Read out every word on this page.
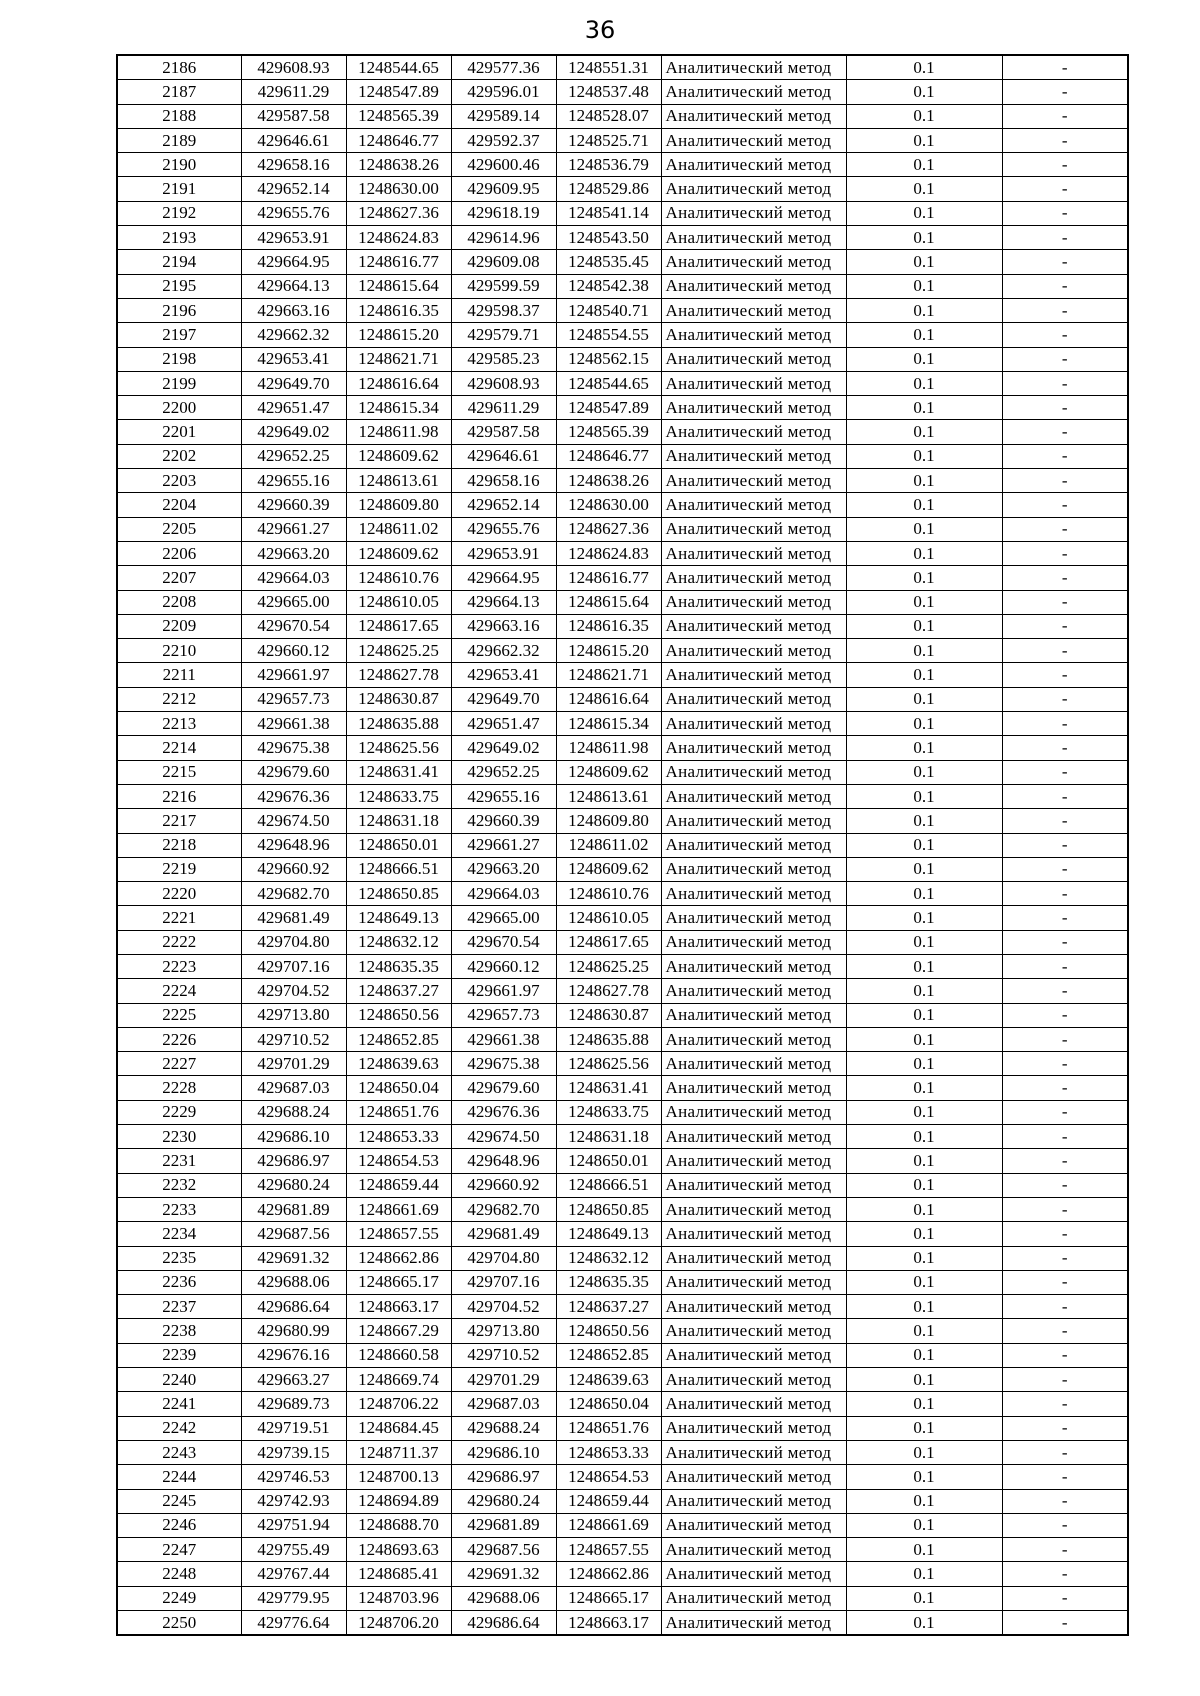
36
2186	429608.93	1248544.65	429577.36	1248551.31	Аналитический метод	0.1	-
2187	429611.29	1248547.89	429596.01	1248537.48	Аналитический метод	0.1	-
2188	429587.58	1248565.39	429589.14	1248528.07	Аналитический метод	0.1	-
2189	429646.61	1248646.77	429592.37	1248525.71	Аналитический метод	0.1	-
2190	429658.16	1248638.26	429600.46	1248536.79	Аналитический метод	0.1	-
2191	429652.14	1248630.00	429609.95	1248529.86	Аналитический метод	0.1	-
2192	429655.76	1248627.36	429618.19	1248541.14	Аналитический метод	0.1	-
2193	429653.91	1248624.83	429614.96	1248543.50	Аналитический метод	0.1	-
2194	429664.95	1248616.77	429609.08	1248535.45	Аналитический метод	0.1	-
2195	429664.13	1248615.64	429599.59	1248542.38	Аналитический метод	0.1	-
2196	429663.16	1248616.35	429598.37	1248540.71	Аналитический метод	0.1	-
2197	429662.32	1248615.20	429579.71	1248554.55	Аналитический метод	0.1	-
2198	429653.41	1248621.71	429585.23	1248562.15	Аналитический метод	0.1	-
2199	429649.70	1248616.64	429608.93	1248544.65	Аналитический метод	0.1	-
2200	429651.47	1248615.34	429611.29	1248547.89	Аналитический метод	0.1	-
2201	429649.02	1248611.98	429587.58	1248565.39	Аналитический метод	0.1	-
2202	429652.25	1248609.62	429646.61	1248646.77	Аналитический метод	0.1	-
2203	429655.16	1248613.61	429658.16	1248638.26	Аналитический метод	0.1	-
2204	429660.39	1248609.80	429652.14	1248630.00	Аналитический метод	0.1	-
2205	429661.27	1248611.02	429655.76	1248627.36	Аналитический метод	0.1	-
2206	429663.20	1248609.62	429653.91	1248624.83	Аналитический метод	0.1	-
2207	429664.03	1248610.76	429664.95	1248616.77	Аналитический метод	0.1	-
2208	429665.00	1248610.05	429664.13	1248615.64	Аналитический метод	0.1	-
2209	429670.54	1248617.65	429663.16	1248616.35	Аналитический метод	0.1	-
2210	429660.12	1248625.25	429662.32	1248615.20	Аналитический метод	0.1	-
2211	429661.97	1248627.78	429653.41	1248621.71	Аналитический метод	0.1	-
2212	429657.73	1248630.87	429649.70	1248616.64	Аналитический метод	0.1	-
2213	429661.38	1248635.88	429651.47	1248615.34	Аналитический метод	0.1	-
2214	429675.38	1248625.56	429649.02	1248611.98	Аналитический метод	0.1	-
2215	429679.60	1248631.41	429652.25	1248609.62	Аналитический метод	0.1	-
2216	429676.36	1248633.75	429655.16	1248613.61	Аналитический метод	0.1	-
2217	429674.50	1248631.18	429660.39	1248609.80	Аналитический метод	0.1	-
2218	429648.96	1248650.01	429661.27	1248611.02	Аналитический метод	0.1	-
2219	429660.92	1248666.51	429663.20	1248609.62	Аналитический метод	0.1	-
2220	429682.70	1248650.85	429664.03	1248610.76	Аналитический метод	0.1	-
2221	429681.49	1248649.13	429665.00	1248610.05	Аналитический метод	0.1	-
2222	429704.80	1248632.12	429670.54	1248617.65	Аналитический метод	0.1	-
2223	429707.16	1248635.35	429660.12	1248625.25	Аналитический метод	0.1	-
2224	429704.52	1248637.27	429661.97	1248627.78	Аналитический метод	0.1	-
2225	429713.80	1248650.56	429657.73	1248630.87	Аналитический метод	0.1	-
2226	429710.52	1248652.85	429661.38	1248635.88	Аналитический метод	0.1	-
2227	429701.29	1248639.63	429675.38	1248625.56	Аналитический метод	0.1	-
2228	429687.03	1248650.04	429679.60	1248631.41	Аналитический метод	0.1	-
2229	429688.24	1248651.76	429676.36	1248633.75	Аналитический метод	0.1	-
2230	429686.10	1248653.33	429674.50	1248631.18	Аналитический метод	0.1	-
2231	429686.97	1248654.53	429648.96	1248650.01	Аналитический метод	0.1	-
2232	429680.24	1248659.44	429660.92	1248666.51	Аналитический метод	0.1	-
2233	429681.89	1248661.69	429682.70	1248650.85	Аналитический метод	0.1	-
2234	429687.56	1248657.55	429681.49	1248649.13	Аналитический метод	0.1	-
2235	429691.32	1248662.86	429704.80	1248632.12	Аналитический метод	0.1	-
2236	429688.06	1248665.17	429707.16	1248635.35	Аналитический метод	0.1	-
2237	429686.64	1248663.17	429704.52	1248637.27	Аналитический метод	0.1	-
2238	429680.99	1248667.29	429713.80	1248650.56	Аналитический метод	0.1	-
2239	429676.16	1248660.58	429710.52	1248652.85	Аналитический метод	0.1	-
2240	429663.27	1248669.74	429701.29	1248639.63	Аналитический метод	0.1	-
2241	429689.73	1248706.22	429687.03	1248650.04	Аналитический метод	0.1	-
2242	429719.51	1248684.45	429688.24	1248651.76	Аналитический метод	0.1	-
2243	429739.15	1248711.37	429686.10	1248653.33	Аналитический метод	0.1	-
2244	429746.53	1248700.13	429686.97	1248654.53	Аналитический метод	0.1	-
2245	429742.93	1248694.89	429680.24	1248659.44	Аналитический метод	0.1	-
2246	429751.94	1248688.70	429681.89	1248661.69	Аналитический метод	0.1	-
2247	429755.49	1248693.63	429687.56	1248657.55	Аналитический метод	0.1	-
2248	429767.44	1248685.41	429691.32	1248662.86	Аналитический метод	0.1	-
2249	429779.95	1248703.96	429688.06	1248665.17	Аналитический метод	0.1	-
2250	429776.64	1248706.20	429686.64	1248663.17	Аналитический метод	0.1	-
